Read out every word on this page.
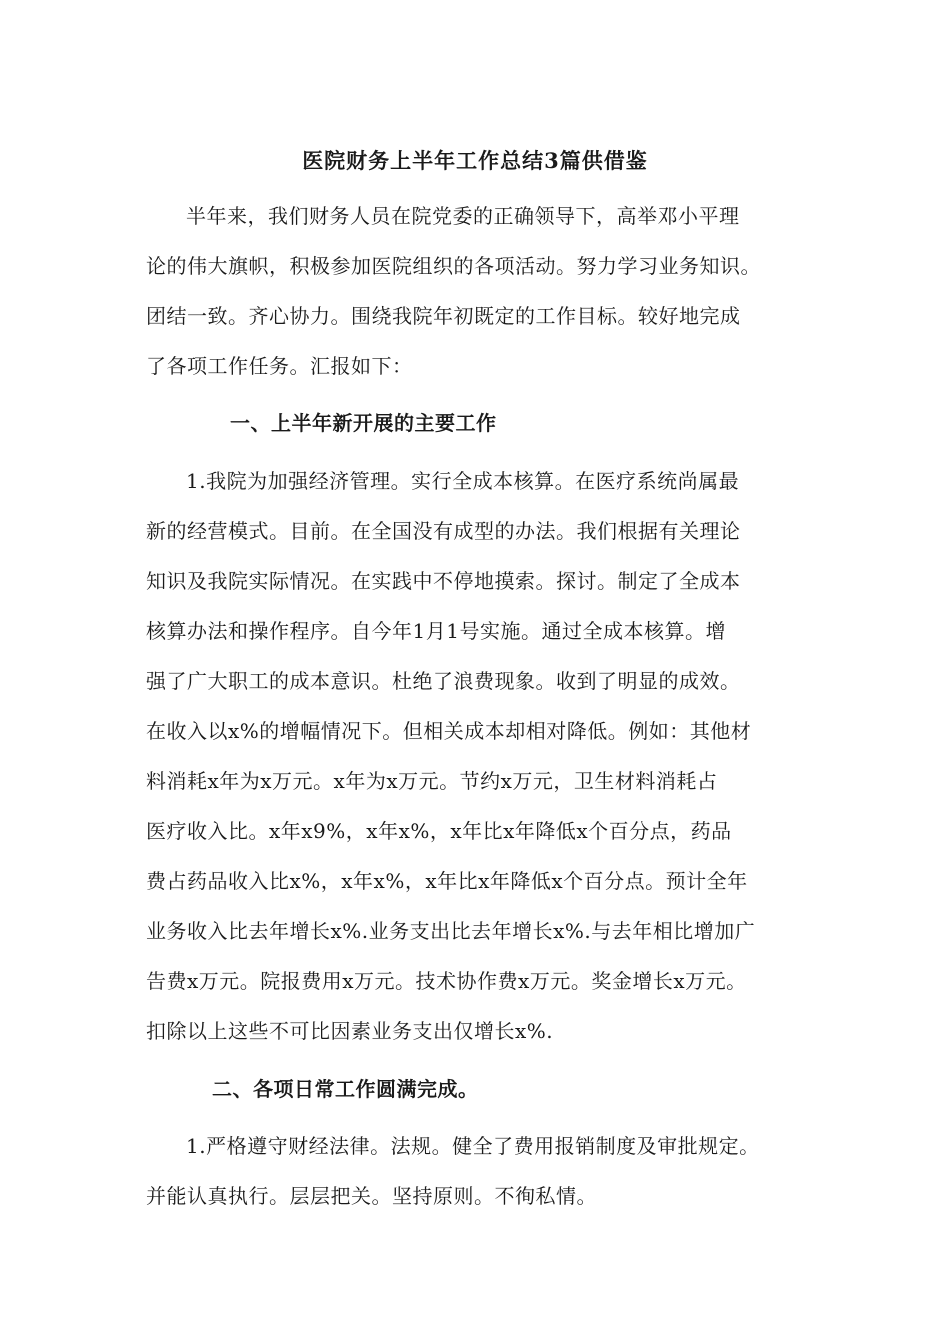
医院财务上半年工作总结3篇供借鉴

半年来，我们财务人员在院党委的正确领导下，高举邓小平理

论的伟大旗帜，积极参加医院组织的各项活动。努力学习业务知识。

团结一致。齐心协力。围绕我院年初既定的工作目标。较好地完成

了各项工作任务。汇报如下：

一、上半年新开展的主要工作

1.我院为加强经济管理。实行全成本核算。在医疗系统尚属最

新的经营模式。目前。在全国没有成型的办法。我们根据有关理论

知识及我院实际情况。在实践中不停地摸索。探讨。制定了全成本

核算办法和操作程序。自今年1月1号实施。通过全成本核算。增

强了广大职工的成本意识。杜绝了浪费现象。收到了明显的成效。

在收入以x%的增幅情况下。但相关成本却相对降低。例如：其他材

料消耗x年为x万元。x年为x万元。节约x万元，卫生材料消耗占

医疗收入比。x年x9%，x年x%，x年比x年降低x个百分点，药品

费占药品收入比x%，x年x%，x年比x年降低x个百分点。预计全年

业务收入比去年增长x%.业务支出比去年增长x%.与去年相比增加广

告费x万元。院报费用x万元。技术协作费x万元。奖金增长x万元。

扣除以上这些不可比因素业务支出仅增长x%.

二、各项日常工作圆满完成。

1.严格遵守财经法律。法规。健全了费用报销制度及审批规定。

并能认真执行。层层把关。坚持原则。不徇私情。
